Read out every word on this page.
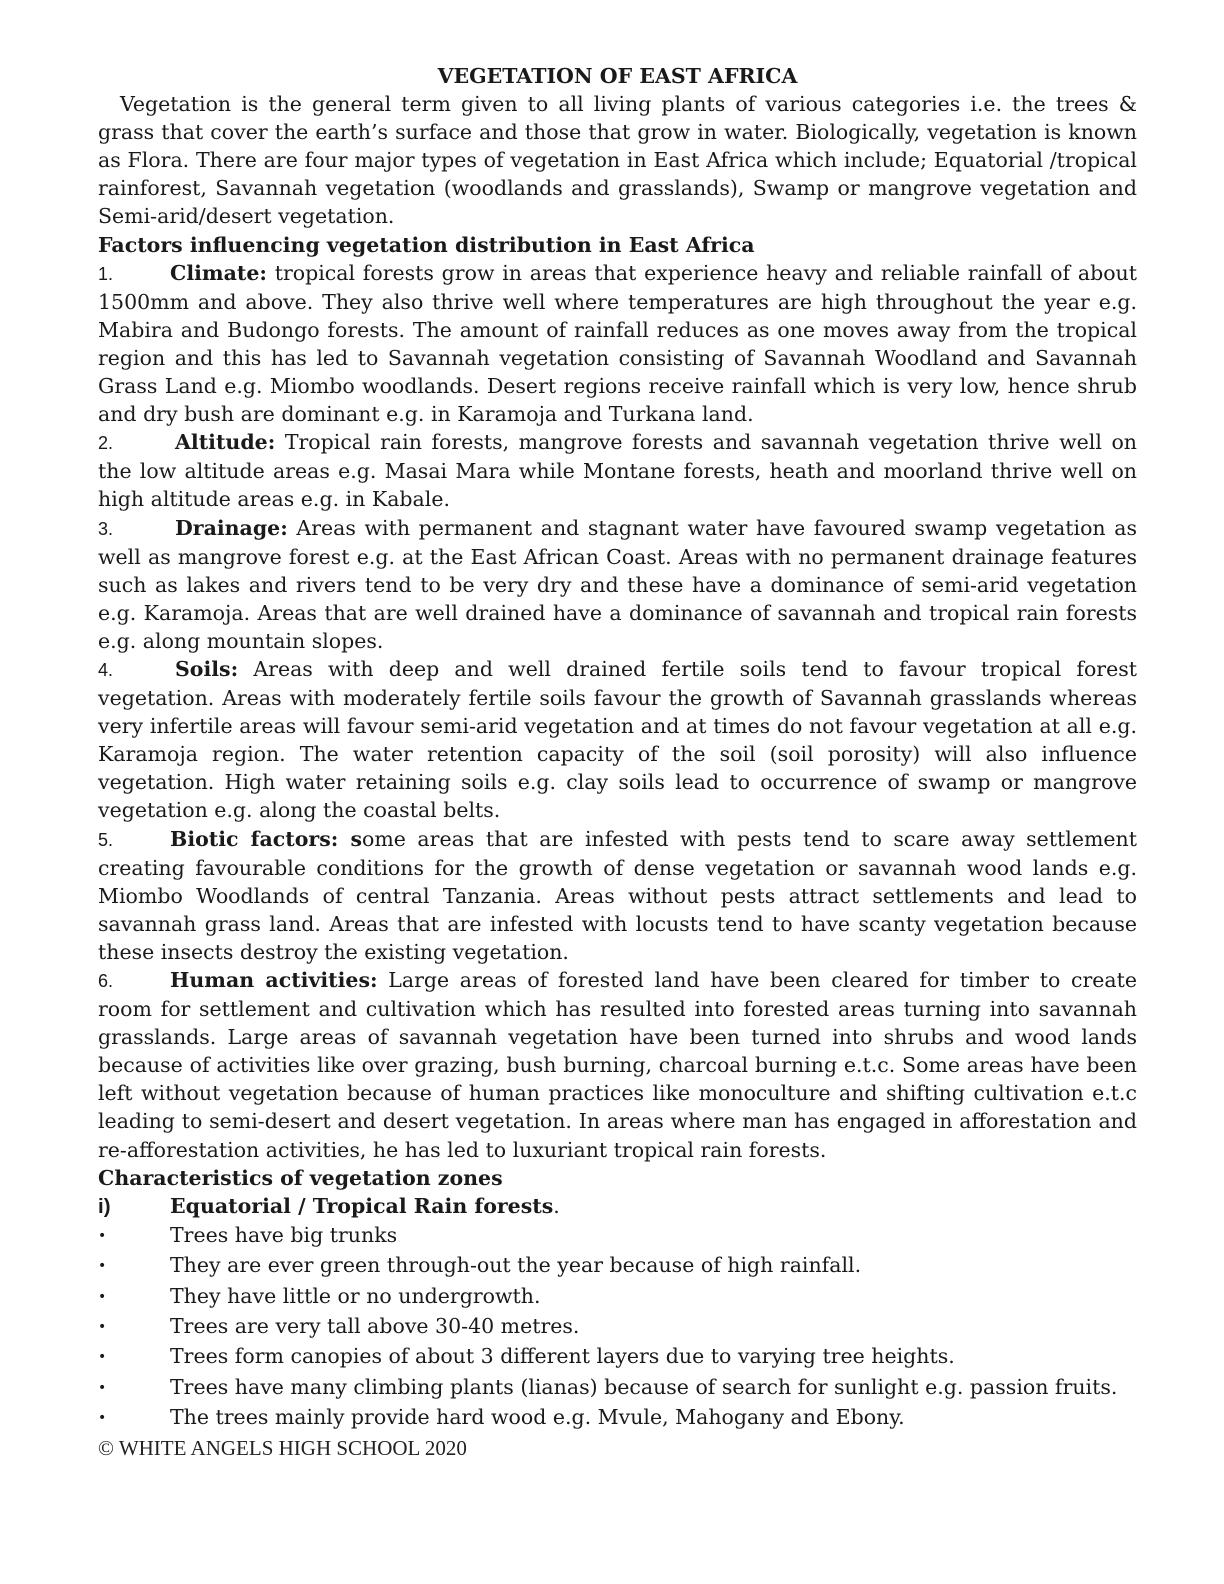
VEGETATION OF EAST AFRICA

Vegetation is the general term given to all living plants of various categories i.e. the trees & grass that cover the earth’s surface and those that grow in water. Biologically, vegetation is known as Flora. There are four major types of vegetation in East Africa which include; Equatorial /tropical rainforest, Savannah vegetation (woodlands and grasslands), Swamp or mangrove vegetation and Semi-arid/desert vegetation.

Factors influencing vegetation distribution in East Africa

1.	Climate: tropical forests grow in areas that experience heavy and reliable rainfall of about 1500mm and above. They also thrive well where temperatures are high throughout the year e.g. Mabira and Budongo forests. The amount of rainfall reduces as one moves away from the tropical region and this has led to Savannah vegetation consisting of Savannah Woodland and Savannah Grass Land e.g. Miombo woodlands. Desert regions receive rainfall which is very low, hence shrub and dry bush are dominant e.g. in Karamoja and Turkana land.

2.	Altitude: Tropical rain forests, mangrove forests and savannah vegetation thrive well on the low altitude areas e.g. Masai Mara while Montane forests, heath and moorland thrive well on high altitude areas e.g. in Kabale.

3.	Drainage: Areas with permanent and stagnant water have favoured swamp vegetation as well as mangrove forest e.g. at the East African Coast. Areas with no permanent drainage features such as lakes and rivers tend to be very dry and these have a dominance of semi-arid vegetation e.g. Karamoja. Areas that are well drained have a dominance of savannah and tropical rain forests e.g. along mountain slopes.

4.	Soils: Areas with deep and well drained fertile soils tend to favour tropical forest vegetation. Areas with moderately fertile soils favour the growth of Savannah grasslands whereas very infertile areas will favour semi-arid vegetation and at times do not favour vegetation at all e.g. Karamoja region. The water retention capacity of the soil (soil porosity) will also influence vegetation. High water retaining soils e.g. clay soils lead to occurrence of swamp or mangrove vegetation e.g. along the coastal belts.

5.	Biotic factors: some areas that are infested with pests tend to scare away settlement creating favourable conditions for the growth of dense vegetation or savannah wood lands e.g. Miombo Woodlands of central Tanzania. Areas without pests attract settlements and lead to savannah grass land. Areas that are infested with locusts tend to have scanty vegetation because these insects destroy the existing vegetation.

6.	Human activities: Large areas of forested land have been cleared for timber to create room for settlement and cultivation which has resulted into forested areas turning into savannah grasslands. Large areas of savannah vegetation have been turned into shrubs and wood lands because of activities like over grazing, bush burning, charcoal burning e.t.c. Some areas have been left without vegetation because of human practices like monoculture and shifting cultivation e.t.c leading to semi-desert and desert vegetation. In areas where man has engaged in afforestation and re-afforestation activities, he has led to luxuriant tropical rain forests.

Characteristics of vegetation zones

i)	Equatorial / Tropical Rain forests.

•	Trees have big trunks

•	They are ever green through-out the year because of high rainfall.

•	They have little or no undergrowth.

•	Trees are very tall above 30-40 metres.

•	Trees form canopies of about 3 different layers due to varying tree heights.

•	Trees have many climbing plants (lianas) because of search for sunlight e.g. passion fruits.

•	The trees mainly provide hard wood e.g. Mvule, Mahogany and Ebony.

© WHITE ANGELS HIGH SCHOOL 2020
